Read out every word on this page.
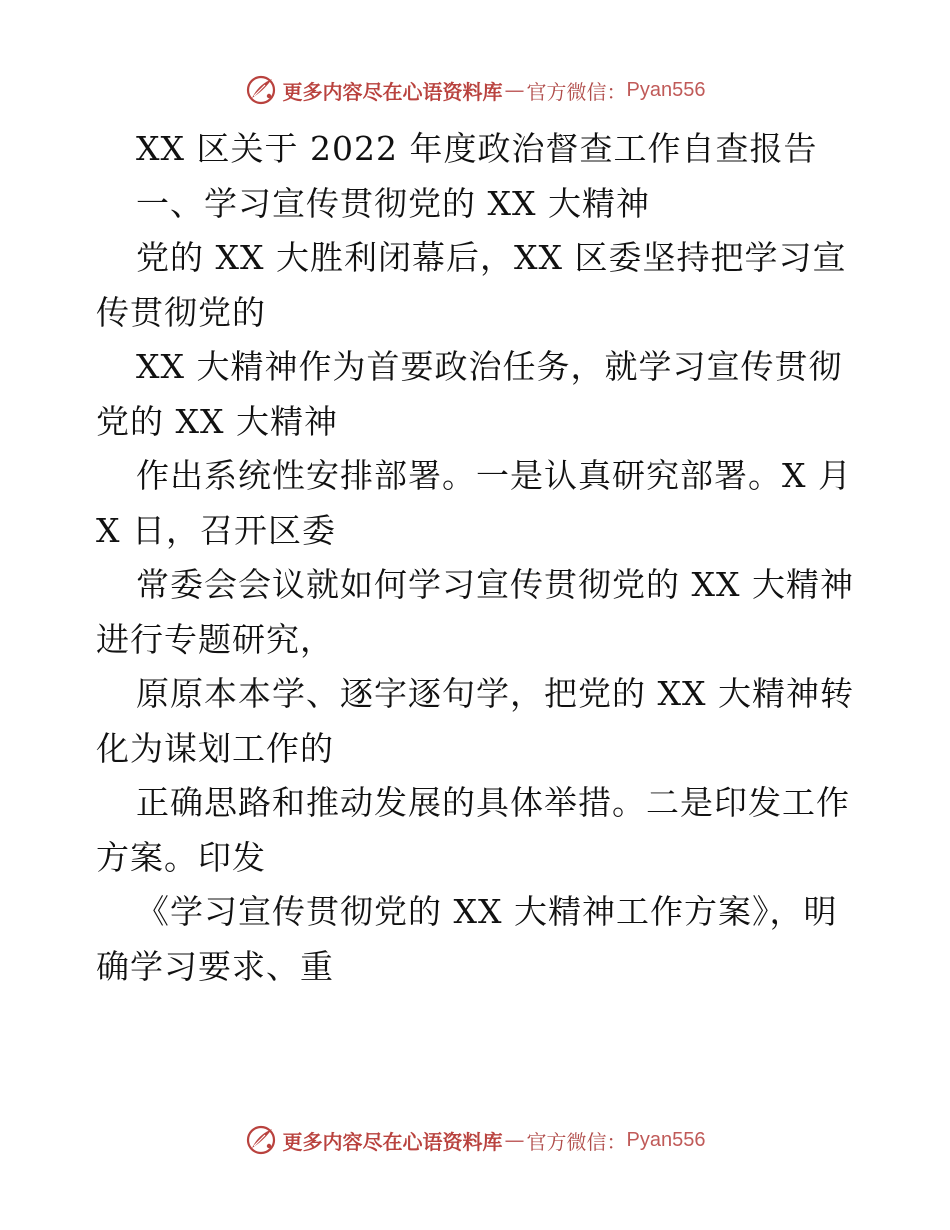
更多内容尽在心语资料库 — 官方微信： Pyan556
XX 区关于 2022 年度政治督查工作自查报告
一、学习宣传贯彻党的 XX 大精神
党的 XX 大胜利闭幕后，XX 区委坚持把学习宣
传贯彻党的
XX 大精神作为首要政治任务，就学习宣传贯彻
党的 XX 大精神
作出系统性安排部署。一是认真研究部署。X 月
X 日，召开区委
常委会会议就如何学习宣传贯彻党的 XX 大精神
进行专题研究，
原原本本学、逐字逐句学，把党的 XX 大精神转
化为谋划工作的
正确思路和推动发展的具体举措。二是印发工作
方案。印发
《学习宣传贯彻党的 XX 大精神工作方案》，明
确学习要求、重
更多内容尽在心语资料库 — 官方微信： Pyan556
